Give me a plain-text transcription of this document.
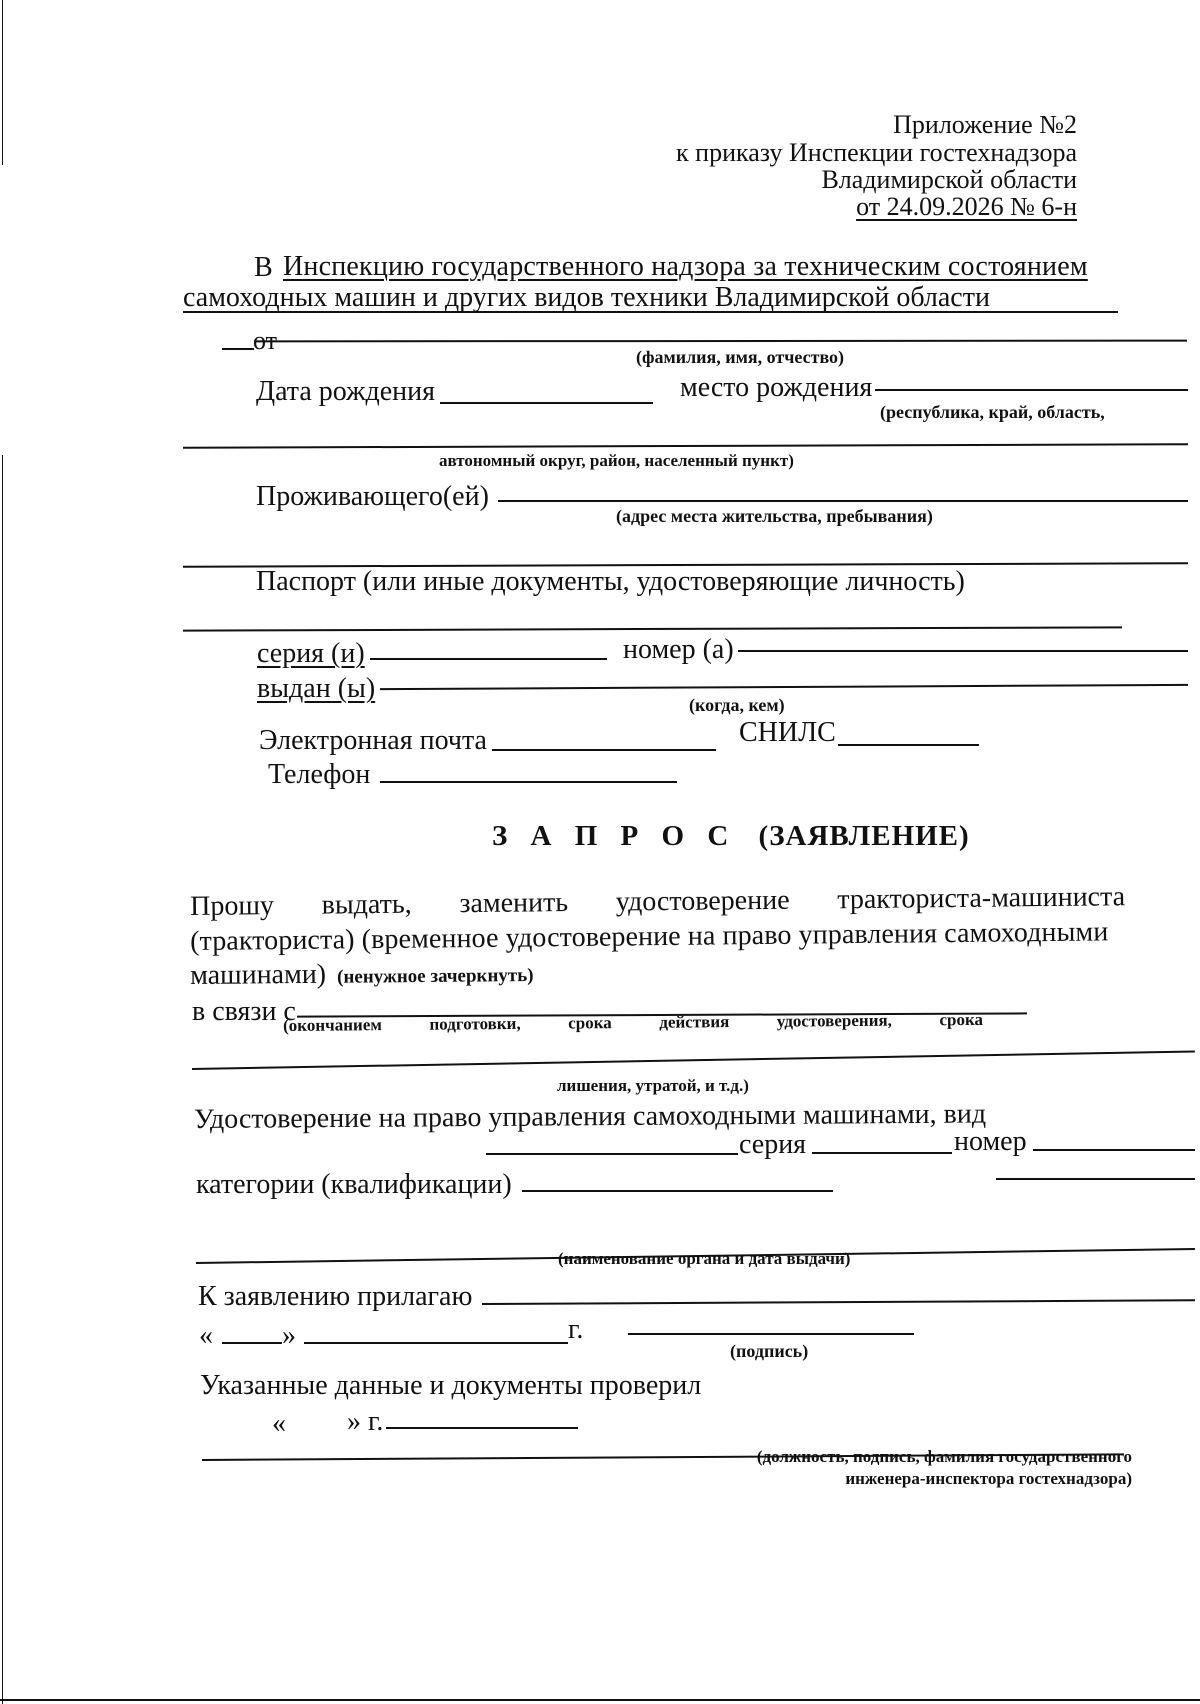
Приложение №2
к приказу Инспекции гостехнадзора
Владимирской области
от 24.09.2026 № 6-н
В Инспекцию государственного надзора за техническим состоянием
самоходных машин и других видов техники Владимирской области
от
(фамилия, имя, отчество)
Дата рождения	место рождения
(республика, край, область,
автономный округ, район, населенный пункт)
Проживающего(ей)
(адрес места жительства, пребывания)
Паспорт (или иные документы, удостоверяющие личность)
серия (и)	номер (а)
выдан (ы)
(когда, кем)
Электронная почта	СНИЛС
Телефон
З А П Р О С (ЗАЯВЛЕНИЕ)
Прошу выдать, заменить удостоверение тракториста-машиниста
(тракториста) (временное удостоверение на право управления самоходными
машинами) (ненужное зачеркнуть)
в связи с
(окончанием	подготовки,	срока	действия	удостоверения,	срока
лишения, утратой, и т.д.)
Удостоверение на право управления самоходными машинами, вид
серия	номер
категории (квалификации)
(наименование органа и дата выдачи)
К заявлению прилагаю
« »	г.
(подпись)
Указанные данные и документы проверил
« » г.
(должность, подпись, фамилия государственного
инженера-инспектора гостехнадзора)
